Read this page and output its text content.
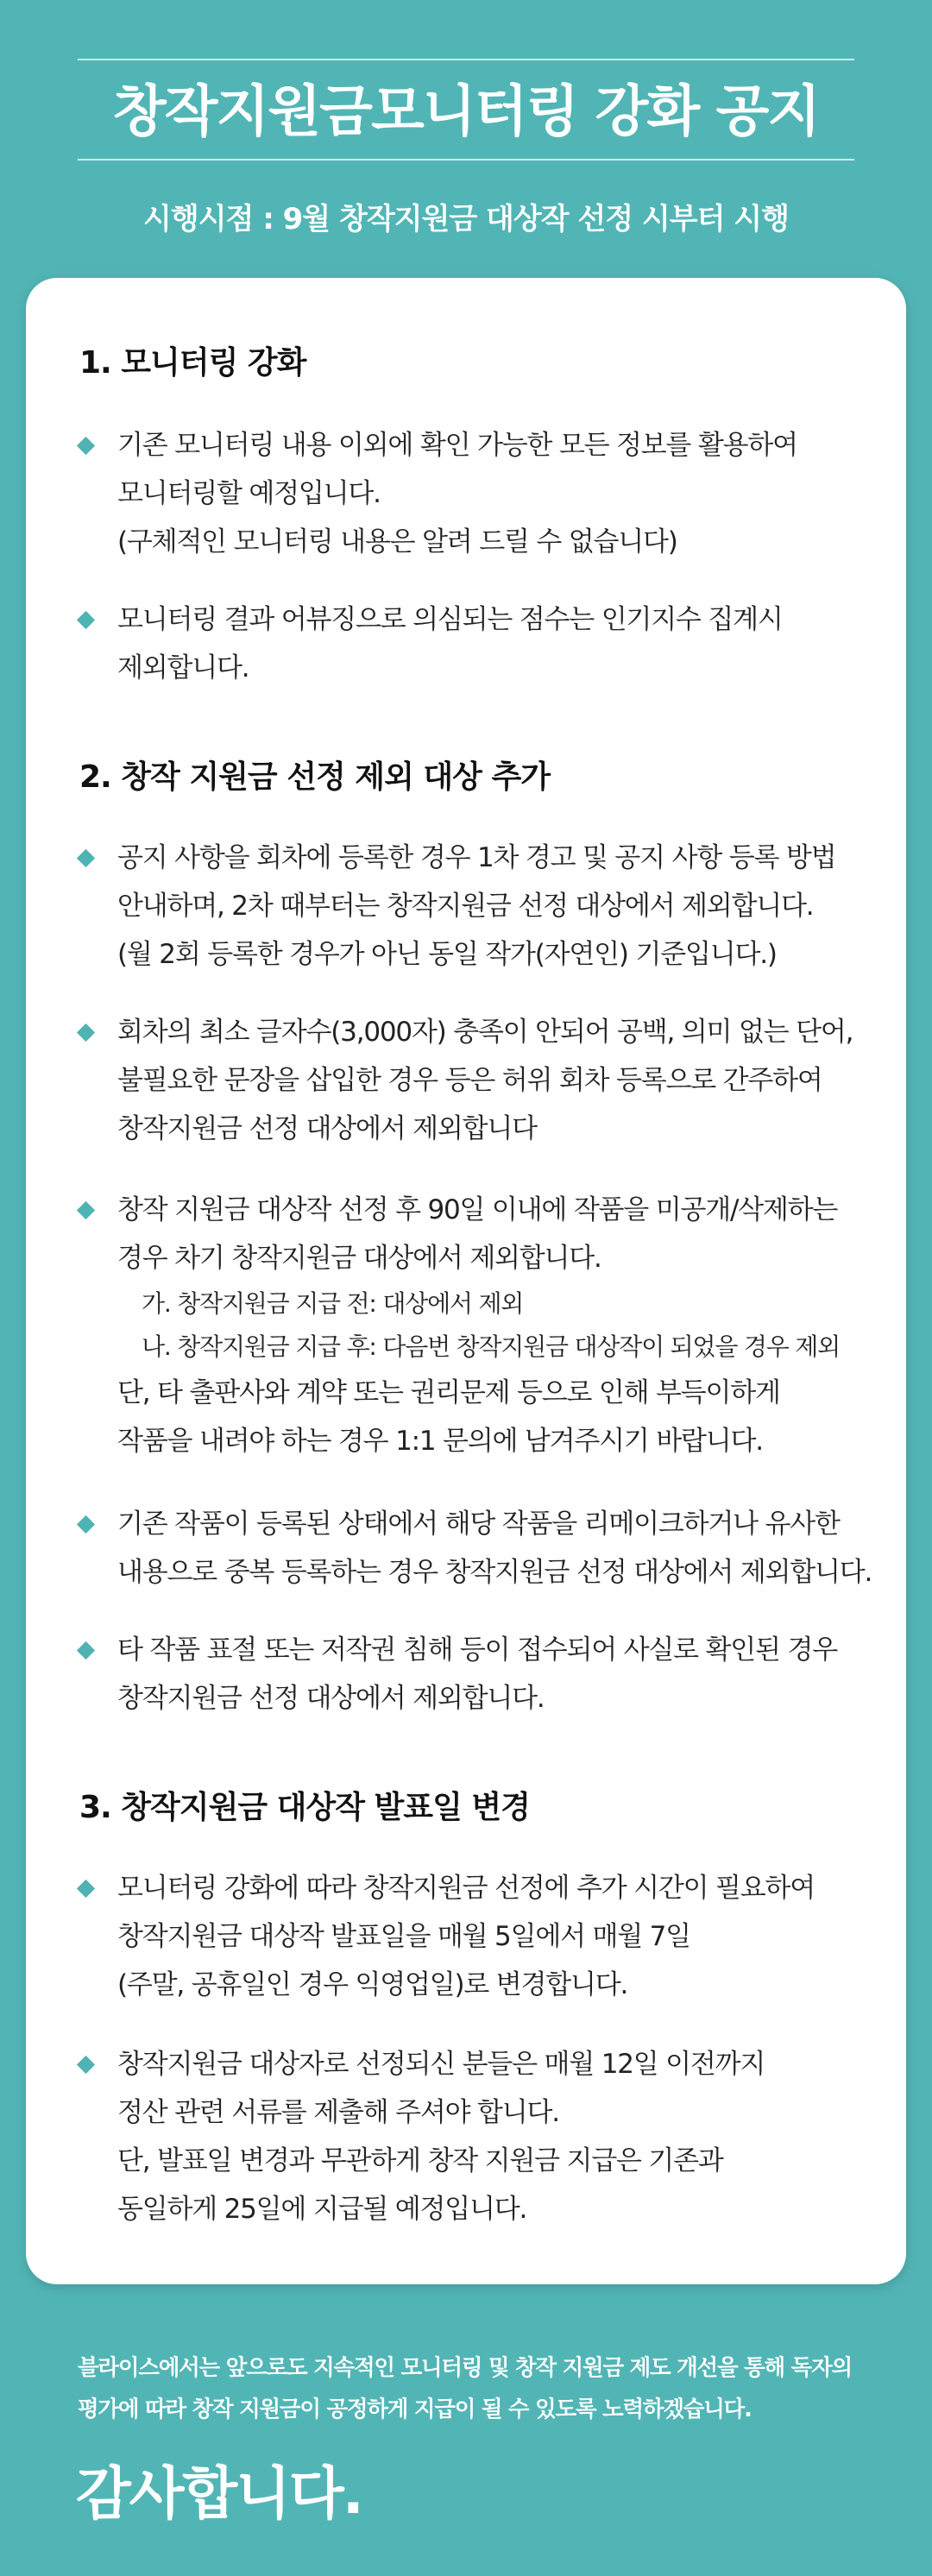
창작지원금모니터링 강화 공지
시행시점 : 9월 창작지원금 대상작 선정 시부터 시행
1. 모니터링 강화
기존 모니터링 내용 이외에 확인 가능한 모든 정보를 활용하여
모니터링할 예정입니다.
(구체적인 모니터링 내용은 알려 드릴 수 없습니다)
모니터링 결과 어뷰징으로 의심되는 점수는 인기지수 집계시
제외합니다.
2. 창작 지원금 선정 제외 대상 추가
공지 사항을 회차에 등록한 경우 1차 경고 및 공지 사항 등록 방법
안내하며, 2차 때부터는 창작지원금 선정 대상에서 제외합니다.
(월 2회 등록한 경우가 아닌 동일 작가(자연인) 기준입니다.)
회차의 최소 글자수(3,000자) 충족이 안되어 공백, 의미 없는 단어,
불필요한 문장을 삽입한 경우 등은 허위 회차 등록으로 간주하여
창작지원금 선정 대상에서 제외합니다
창작 지원금 대상작 선정 후 90일 이내에 작품을 미공개/삭제하는
경우 차기 창작지원금 대상에서 제외합니다.
가. 창작지원금 지급 전: 대상에서 제외
나. 창작지원금 지급 후: 다음번 창작지원금 대상작이 되었을 경우 제외
단, 타 출판사와 계약 또는 권리문제 등으로 인해 부득이하게
작품을 내려야 하는 경우 1:1 문의에 남겨주시기 바랍니다.
기존 작품이 등록된 상태에서 해당 작품을 리메이크하거나 유사한
내용으로 중복 등록하는 경우 창작지원금 선정 대상에서 제외합니다.
타 작품 표절 또는 저작권 침해 등이 접수되어 사실로 확인된 경우
창작지원금 선정 대상에서 제외합니다.
3. 창작지원금 대상작 발표일 변경
모니터링 강화에 따라 창작지원금 선정에 추가 시간이 필요하여
창작지원금 대상작 발표일을 매월 5일에서 매월 7일
(주말, 공휴일인 경우 익영업일)로 변경합니다.
창작지원금 대상자로 선정되신 분들은 매월 12일 이전까지
정산 관련 서류를 제출해 주셔야 합니다.
단, 발표일 변경과 무관하게 창작 지원금 지급은 기존과
동일하게 25일에 지급될 예정입니다.
블라이스에서는 앞으로도 지속적인 모니터링 및 창작 지원금 제도 개선을 통해 독자의
평가에 따라 창작 지원금이 공정하게 지급이 될 수 있도록 노력하겠습니다.
감사합니다.
